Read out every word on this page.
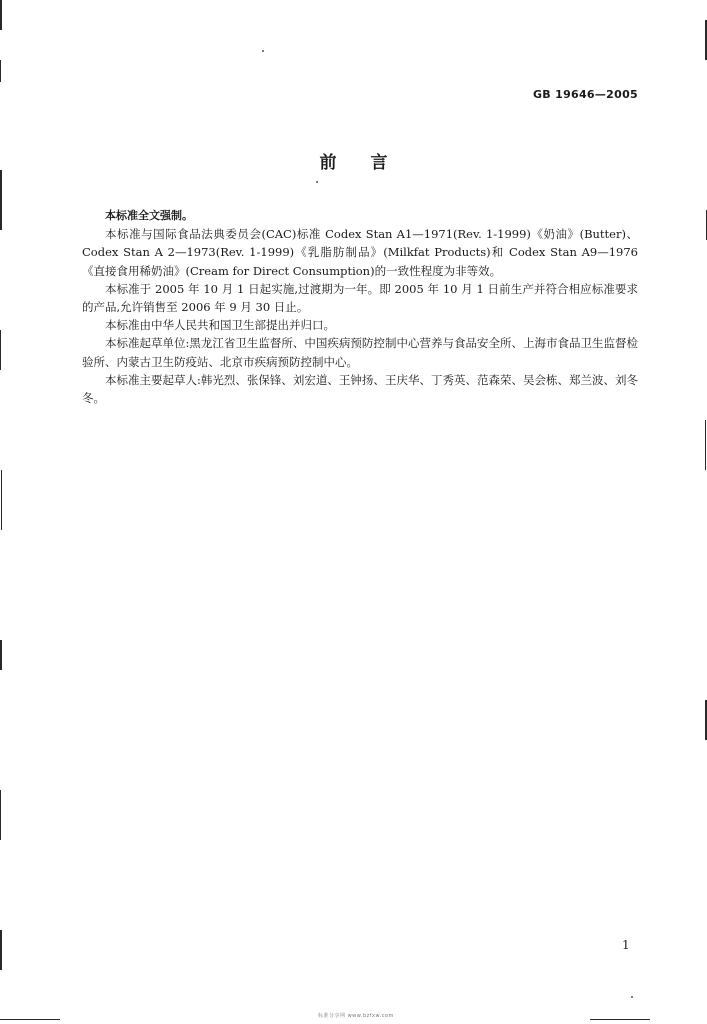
GB 19646—2005
前言

本标准全文强制。

本标准与国际食品法典委员会(CAC)标准 Codex Stan A1—1971(Rev. 1-1999)《奶油》(Butter)、Codex Stan A 2—1973(Rev. 1-1999)《乳脂肪制品》(Milkfat Products)和 Codex Stan A9—1976《直接食用稀奶油》(Cream for Direct Consumption)的一致性程度为非等效。

本标准于 2005 年 10 月 1 日起实施,过渡期为一年。即 2005 年 10 月 1 日前生产并符合相应标准要求的产品,允许销售至 2006 年 9 月 30 日止。

本标准由中华人民共和国卫生部提出并归口。

本标准起草单位:黑龙江省卫生监督所、中国疾病预防控制中心营养与食品安全所、上海市食品卫生监督检验所、内蒙古卫生防疫站、北京市疾病预防控制中心。

本标准主要起草人:韩光烈、张保锋、刘宏道、王钟扬、王庆华、丁秀英、范森荣、吴会栋、郑兰波、刘冬冬。

1
标准分享网 www.bzfxw.com
